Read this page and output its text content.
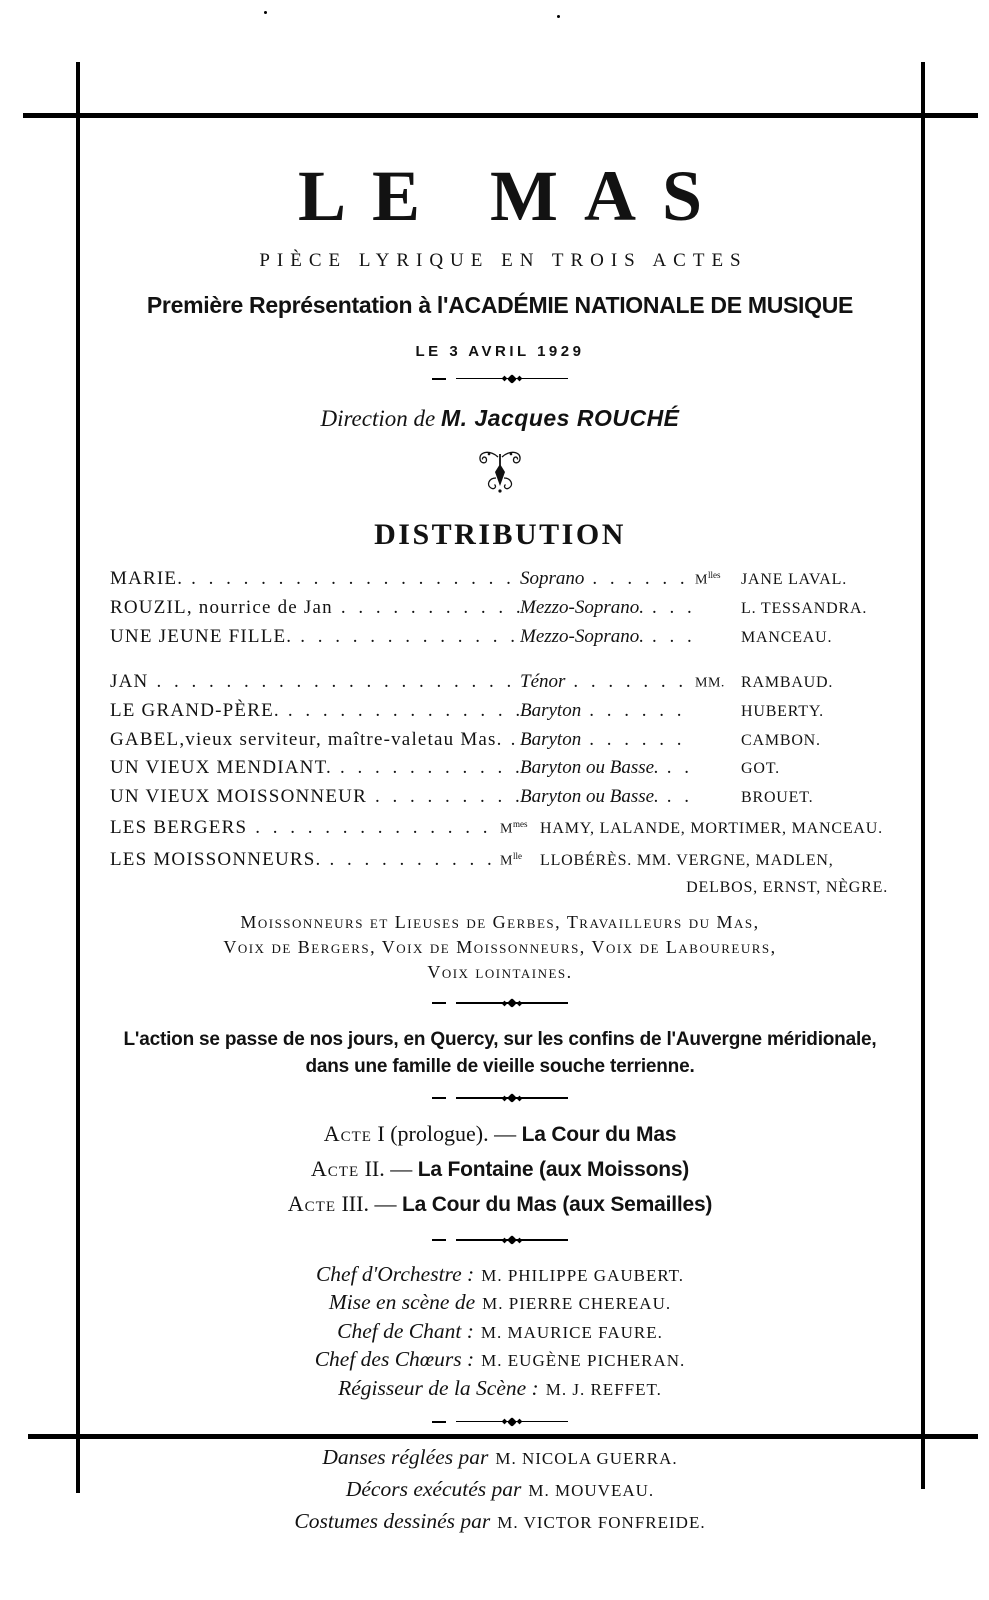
LE MAS
PIÈCE LYRIQUE EN TROIS ACTES
Première Représentation à l'ACADÉMIE NATIONALE DE MUSIQUE
LE 3 AVRIL 1929
Direction de M. Jacques ROUCHÉ
DISTRIBUTION
MARIE. . . .	Soprano . . .	$M^{lles}$	JANE LAVAL.
ROUZIL, nourrice de Jan . . .	Mezzo-Soprano. . . .	L. TESSANDRA.
UNE JEUNE FILLE. . . .	Mezzo-Soprano. . . .	MANCEAU.
JAN . . .	Ténor . . .	MM.	RAMBAUD.
LE GRAND-PÈRE. . . .	Baryton . . .	HUBERTY.
GABEL,vieux serviteur, maître-valetau Mas. . . . Baryton . . .	CAMBON.
UN VIEUX MENDIANT. . . .	Baryton ou Basse. . . .	GOT.
UN VIEUX MOISSONNEUR . . .	Baryton ou Basse. . . .	BROUET.
LES BERGERS . . .	$M^{mes}$ HAMY, LALANDE, MORTIMER, MANCEAU.
LES MOISSONNEURS. . . .	$M^{lle}$	LLOBÉRÈS. MM. VERGNE, MADLEN,
DELBOS, ERNST, NÈGRE.
Moissonneurs et Lieuses de Gerbes, Travailleurs du Mas,
Voix de Bergers, Voix de Moissonneurs, Voix de Laboureurs,
Voix lointaines.
L'action se passe de nos jours, en Quercy, sur les confins de l'Auvergne méridionale,
dans une famille de vieille souche terrienne.
Acte I (prologue). — La Cour du Mas
Acte II. — La Fontaine (aux Moissons)
Acte III. — La Cour du Mas (aux Semailles)
Chef d'Orchestre : M. PHILIPPE GAUBERT.
Mise en scène de M. PIERRE CHEREAU.
Chef de Chant : M. MAURICE FAURE.
Chef des Chœurs : M. EUGÈNE PICHERAN.
Régisseur de la Scène : M. J. REFFET.
Danses réglées par M. NICOLA GUERRA.
Décors exécutés par M. MOUVEAU.
Costumes dessinés par M. VICTOR FONFREIDE.
